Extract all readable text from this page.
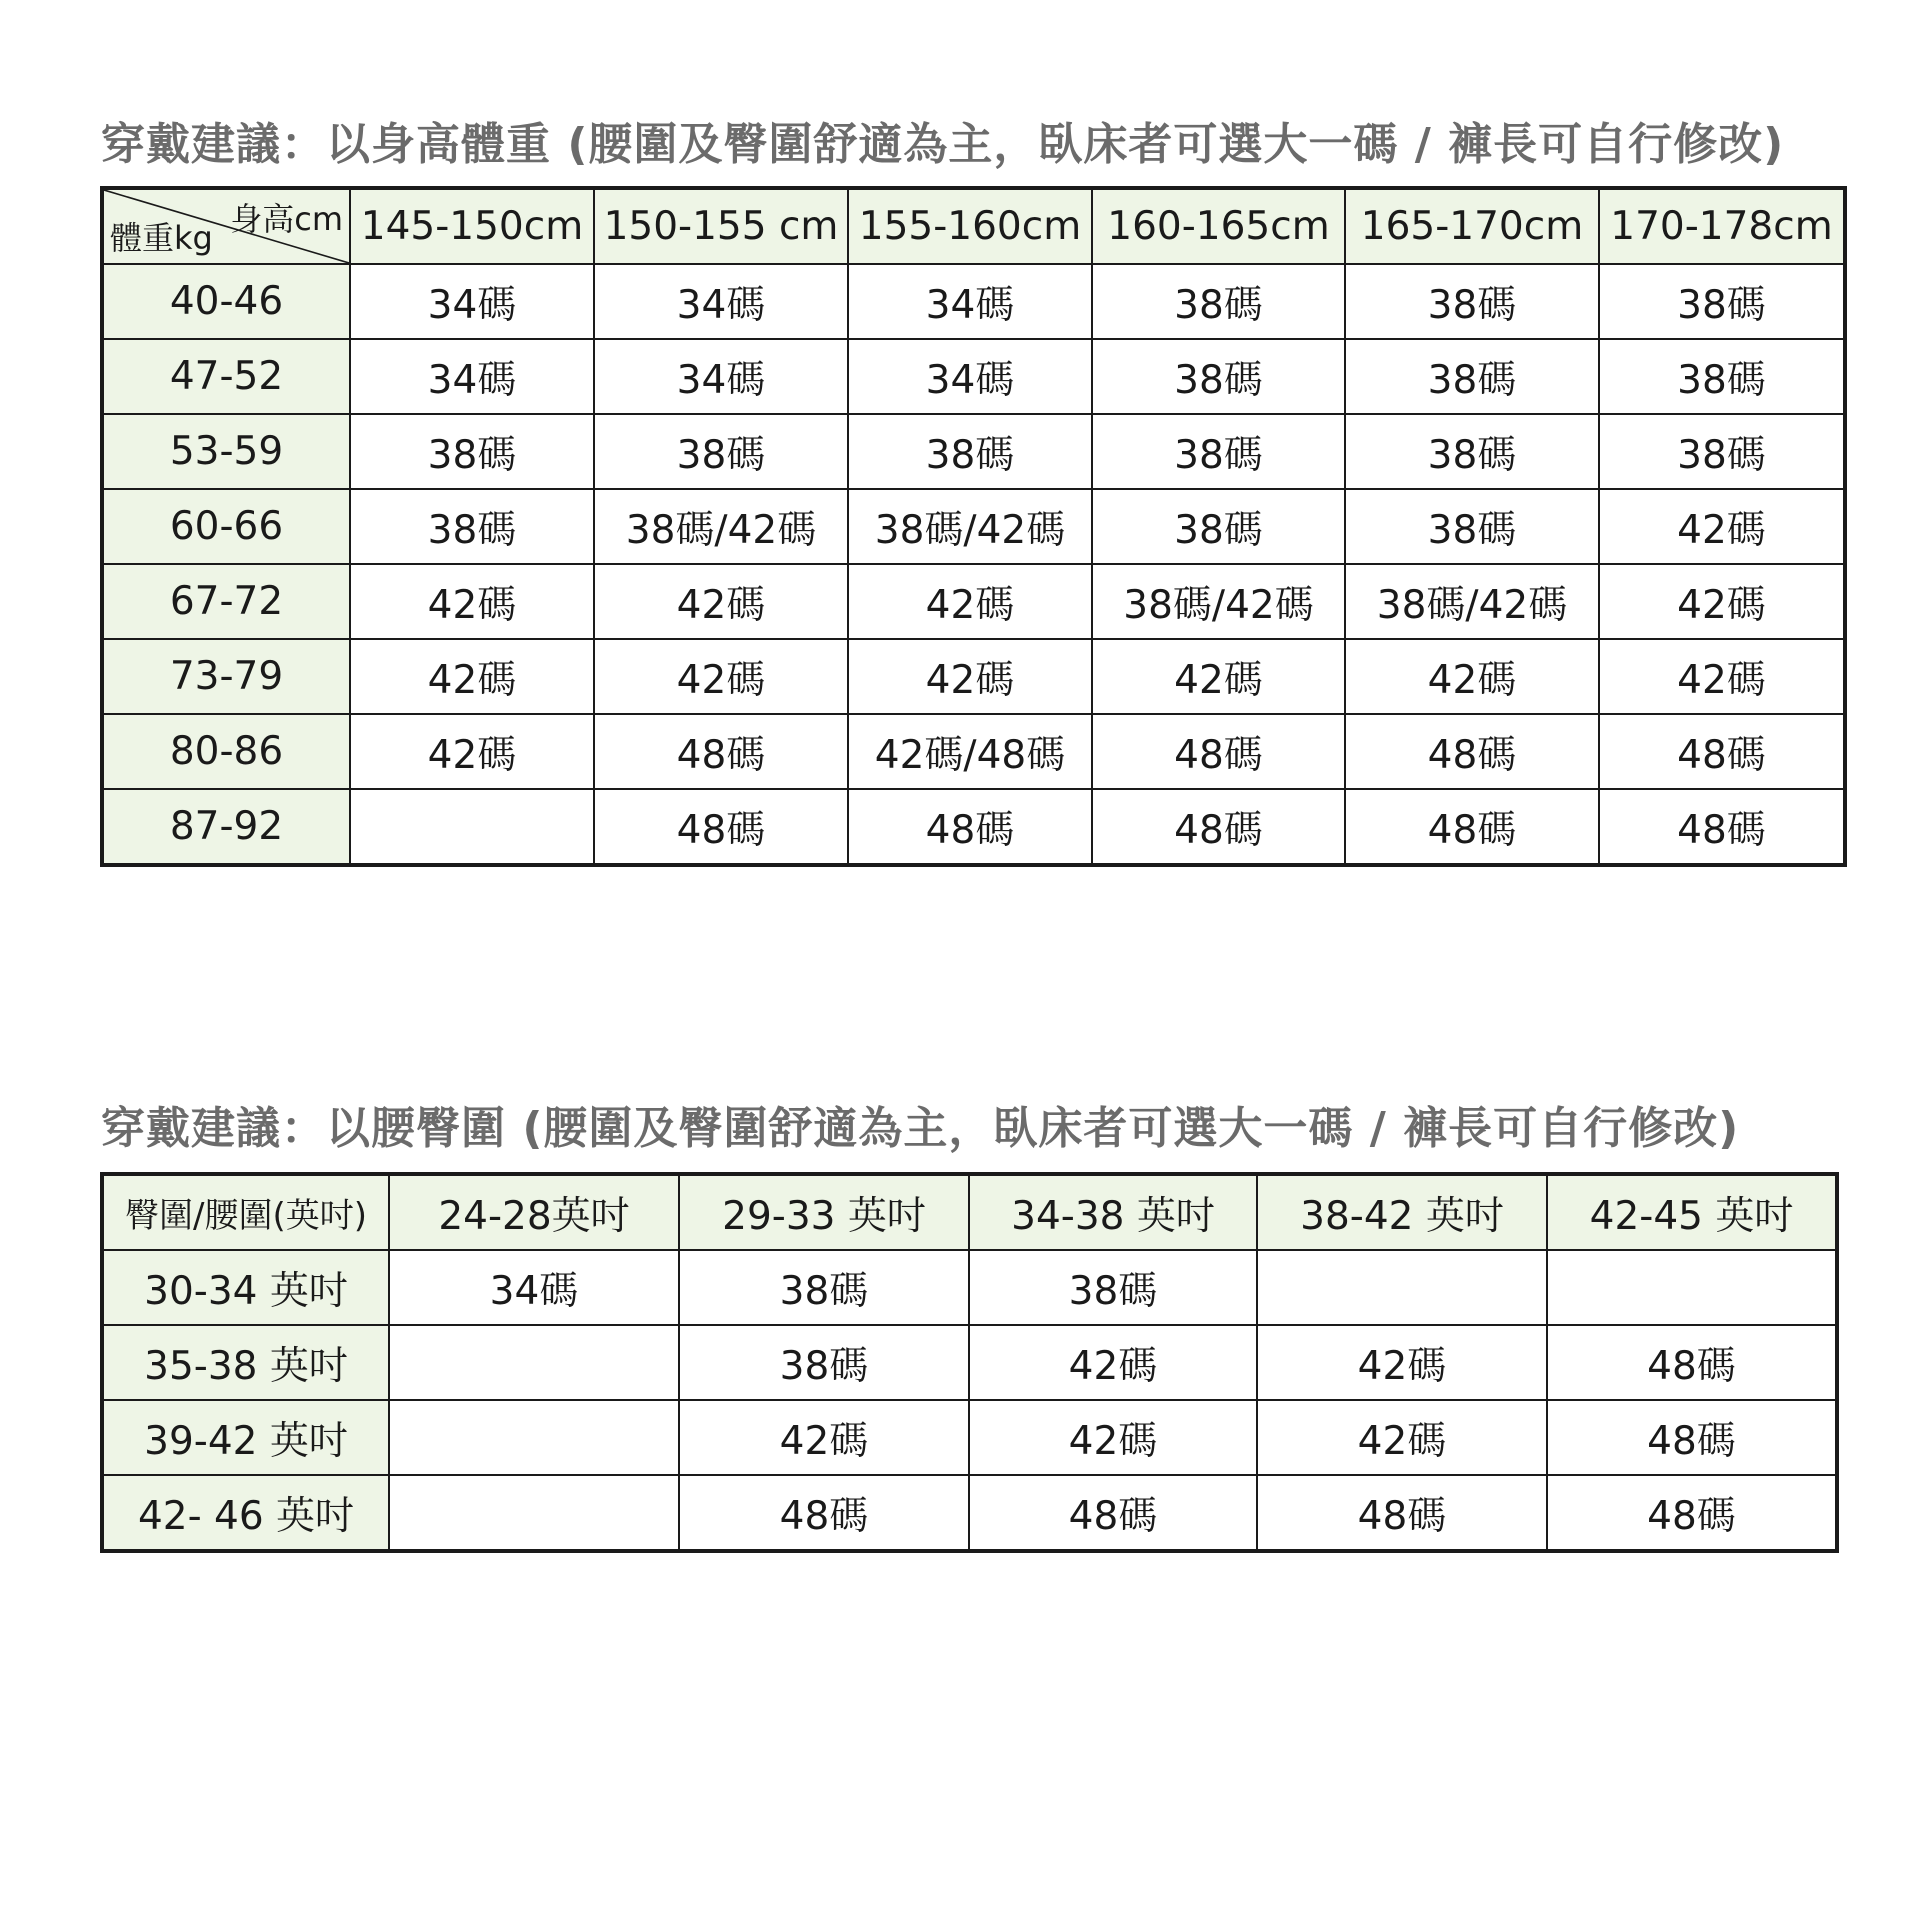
穿戴建議：以身高體重 (腰圍及臀圍舒適為主，臥床者可選大一碼 / 褲長可自行修改)
身高cm
體重kg	145-150cm	150-155 cm	155-160cm	160-165cm	165-170cm	170-178cm
40-46	34碼	34碼	34碼	38碼	38碼	38碼
47-52	34碼	34碼	34碼	38碼	38碼	38碼
53-59	38碼	38碼	38碼	38碼	38碼	38碼
60-66	38碼	38碼/42碼	38碼/42碼	38碼	38碼	42碼
67-72	42碼	42碼	42碼	38碼/42碼	38碼/42碼	42碼
73-79	42碼	42碼	42碼	42碼	42碼	42碼
80-86	42碼	48碼	42碼/48碼	48碼	48碼	48碼
87-92		48碼	48碼	48碼	48碼	48碼
穿戴建議：以腰臀圍 (腰圍及臀圍舒適為主，臥床者可選大一碼 / 褲長可自行修改)
臀圍/腰圍(英吋)	24-28英吋	29-33 英吋	34-38 英吋	38-42 英吋	42-45 英吋
30-34 英吋	34碼	38碼	38碼		
35-38 英吋		38碼	42碼	42碼	48碼
39-42 英吋		42碼	42碼	42碼	48碼
42- 46 英吋		48碼	48碼	48碼	48碼
